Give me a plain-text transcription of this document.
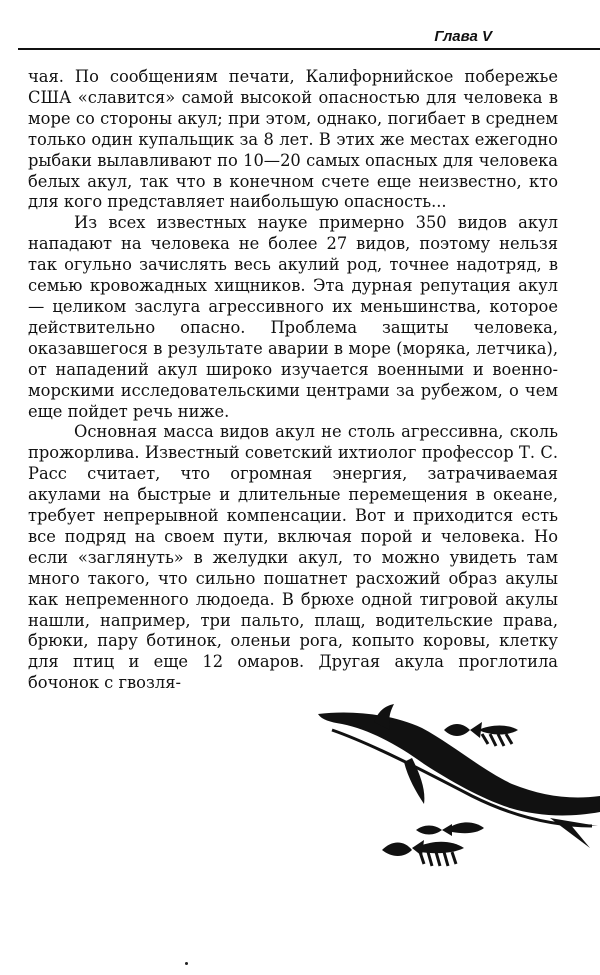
Глава V

чая. По сообщениям печати, Калифорнийское побережье США «славится» самой высокой опасностью для человека в море со стороны акул; при этом, однако, погибает в среднем только один купальщик за 8 лет. В этих же местах ежегодно рыбаки вылавливают по 10—20 самых опасных для человека белых акул, так что в конечном счете еще неизвестно, кто для кого представляет наибольшую опасность...

Из всех известных науке примерно 350 видов акул нападают на человека не более 27 видов, поэтому нельзя так огульно зачислять весь акулий род, точнее надотряд, в семью кровожадных хищников. Эта дурная репутация акул — целиком заслуга агрессивного их меньшинства, которое действительно опасно. Проблема защиты человека, оказавшегося в результате аварии в море (моряка, летчика), от нападений акул широко изучается военными и военно-морскими исследовательскими центрами за рубежом, о чем еще пойдет речь ниже.

Основная масса видов акул не столь агрессивна, сколь прожорлива. Известный советский ихтиолог профессор Т. С. Расс считает, что огромная энергия, затрачиваемая акулами на быстрые и длительные перемещения в океане, требует непрерывной компенсации. Вот и приходится есть все подряд на своем пути, включая порой и человека. Но если «заглянуть» в желудки акул, то можно увидеть там много такого, что сильно пошатнет расхожий образ акулы как непременного людоеда. В брюхе одной тигровой акулы нашли, например, три пальто, плащ, водительские права, брюки, пару ботинок, оленьи рога, копыто коровы, клетку для птиц и еще 12 омаров. Другая акула проглотила бочонок с гвозля-
